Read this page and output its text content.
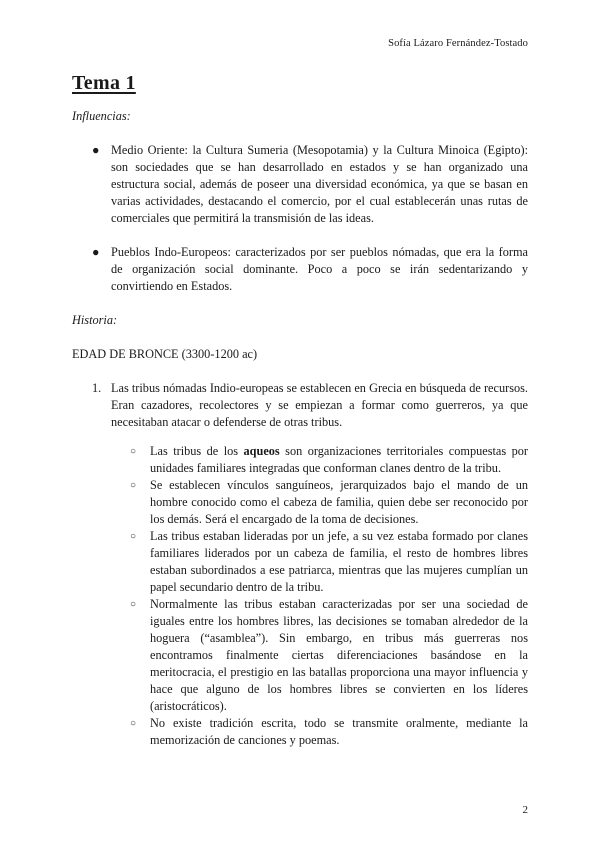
Sofía Lázaro Fernández-Tostado
Tema 1
Influencias:
● Medio Oriente: la Cultura Sumeria (Mesopotamia) y la Cultura Minoica (Egipto): son sociedades que se han desarrollado en estados y se han organizado una estructura social, además de poseer una diversidad económica, ya que se basan en varias actividades, destacando el comercio, por el cual establecerán unas rutas de comerciales que permitirá la transmisión de las ideas.
● Pueblos Indo-Europeos: caracterizados por ser pueblos nómadas, que era la forma de organización social dominante. Poco a poco se irán sedentarizando y convirtiendo en Estados.
Historia:
EDAD DE BRONCE (3300-1200 ac)
1. Las tribus nómadas Indio-europeas se establecen en Grecia en búsqueda de recursos. Eran cazadores, recolectores y se empiezan a formar como guerreros, ya que necesitaban atacar o defenderse de otras tribus.
○ Las tribus de los aqueos son organizaciones territoriales compuestas por unidades familiares integradas que conforman clanes dentro de la tribu.
○ Se establecen vínculos sanguíneos, jerarquizados bajo el mando de un hombre conocido como el cabeza de familia, quien debe ser reconocido por los demás. Será el encargado de la toma de decisiones.
○ Las tribus estaban lideradas por un jefe, a su vez estaba formado por clanes familiares liderados por un cabeza de familia, el resto de hombres libres estaban subordinados a ese patriarca, mientras que las mujeres cumplían un papel secundario dentro de la tribu.
○ Normalmente las tribus estaban caracterizadas por ser una sociedad de iguales entre los hombres libres, las decisiones se tomaban alrededor de la hoguera (“asamblea”). Sin embargo, en tribus más guerreras nos encontramos finalmente ciertas diferenciaciones basándose en la meritocracia, el prestigio en las batallas proporciona una mayor influencia y hace que alguno de los hombres libres se convierten en los líderes (aristocráticos).
○ No existe tradición escrita, todo se transmite oralmente, mediante la memorización de canciones y poemas.
2
